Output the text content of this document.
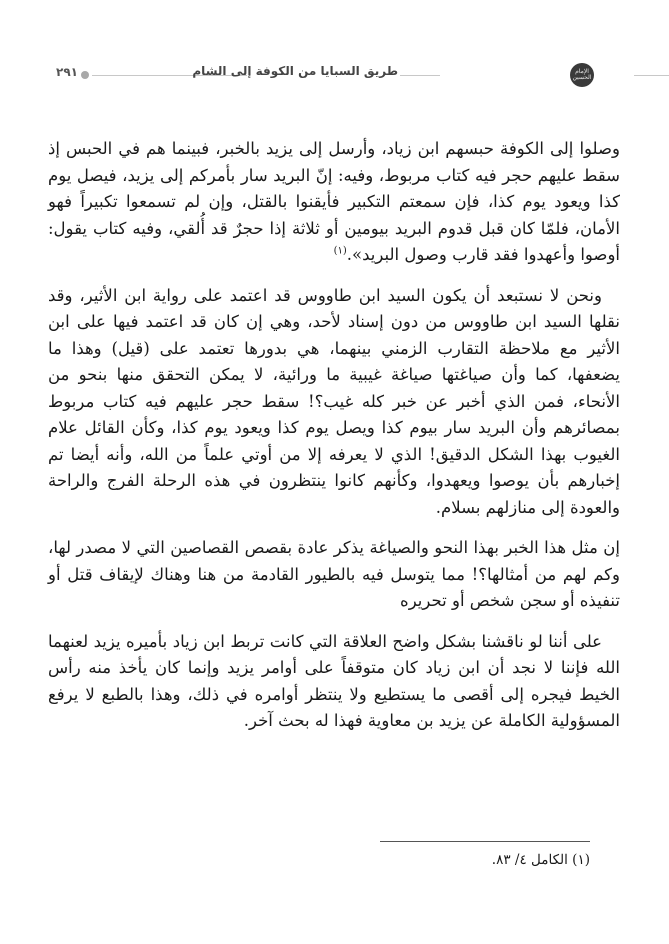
الإمام الحسين
٢٩١	طريق السبايا من الكوفة إلى الشام

وصلوا إلى الكوفة حبسهم ابن زياد، وأرسل إلى يزيد بالخبر، فبينما هم في الحبس إذ سقط عليهم حجر فيه كتاب مربوط، وفيه: إنّ البريد سار بأمركم إلى يزيد، فيصل يوم كذا ويعود يوم كذا، فإن سمعتم التكبير فأيقنوا بالقتل، وإن لم تسمعوا تكبيراً فهو الأمان، فلمّا كان قبل قدوم البريد بيومين أو ثلاثة إذا حجرٌ قد أُلقي، وفيه كتاب يقول: أوصوا وأعهدوا فقد قارب وصول البريد».$^{(١)}$

ونحن لا نستبعد أن يكون السيد ابن طاووس قد اعتمد على رواية ابن الأثير، وقد نقلها السيد ابن طاووس من دون إسناد لأحد، وهي إن كان قد اعتمد فيها على ابن الأثير مع ملاحظة التقارب الزمني بينهما، هي بدورها تعتمد على (قيل) وهذا ما يضعفها، كما وأن صياغتها صياغة غيبية ما ورائية، لا يمكن التحقق منها بنحو من الأنحاء، فمن الذي أخبر عن خبر كله غيب؟! سقط حجر عليهم فيه كتاب مربوط بمصائرهم وأن البريد سار بيوم كذا ويصل يوم كذا ويعود يوم كذا، وكأن القائل علام الغيوب بهذا الشكل الدقيق! الذي لا يعرفه إلا من أوتي علماً من الله، وأنه أيضا تم إخبارهم بأن يوصوا ويعهدوا، وكأنهم كانوا ينتظرون في هذه الرحلة الفرج والراحة والعودة إلى منازلهم بسلام.

إن مثل هذا الخبر بهذا النحو والصياغة يذكر عادة بقصص القصاصين التي لا مصدر لها، وكم لهم من أمثالها؟! مما يتوسل فيه بالطيور القادمة من هنا وهناك لإيقاف قتل أو تنفيذه أو سجن شخص أو تحريره

على أننا لو ناقشنا بشكل واضح العلاقة التي كانت تربط ابن زياد بأميره يزيد لعنهما الله فإننا لا نجد أن ابن زياد كان متوقفاً على أوامر يزيد وإنما كان يأخذ منه رأس الخيط فيجره إلى أقصى ما يستطيع ولا ينتظر أوامره في ذلك، وهذا بالطبع لا يرفع المسؤولية الكاملة عن يزيد بن معاوية فهذا له بحث آخر.

(١) الكامل ٤/ ٨٣.
